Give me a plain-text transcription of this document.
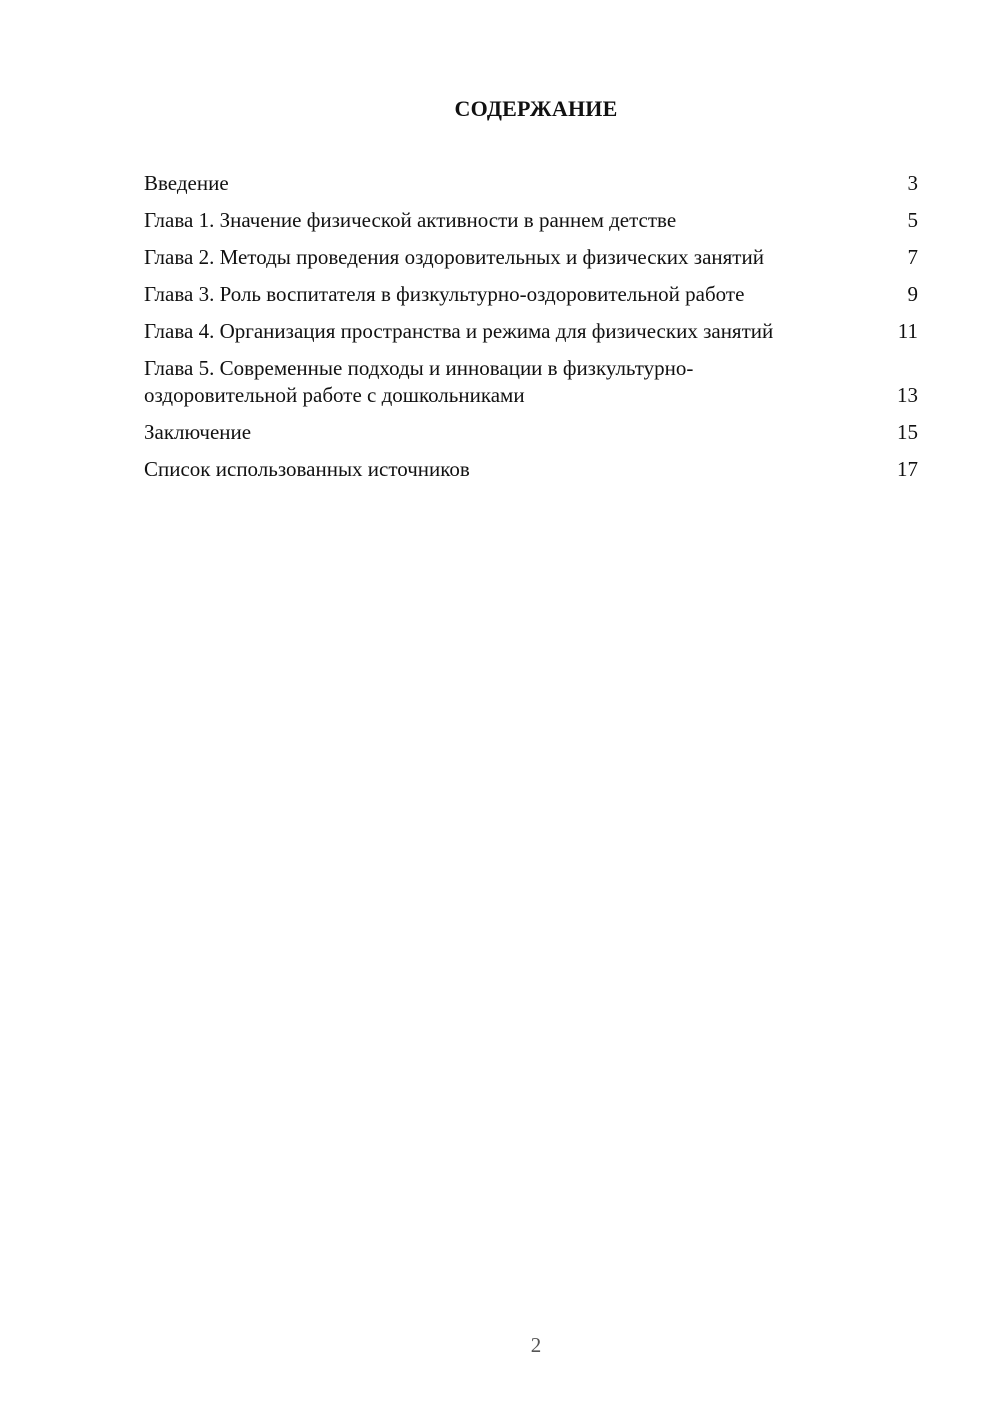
СОДЕРЖАНИЕ
Введение	3
Глава 1. Значение физической активности в раннем детстве	5
Глава 2. Методы проведения оздоровительных и физических занятий	7
Глава 3. Роль воспитателя в физкультурно-оздоровительной работе	9
Глава 4. Организация пространства и режима для физических занятий	11
Глава 5. Современные подходы и инновации в физкультурно-оздоровительной работе с дошкольниками	13
Заключение	15
Список использованных источников	17
2
